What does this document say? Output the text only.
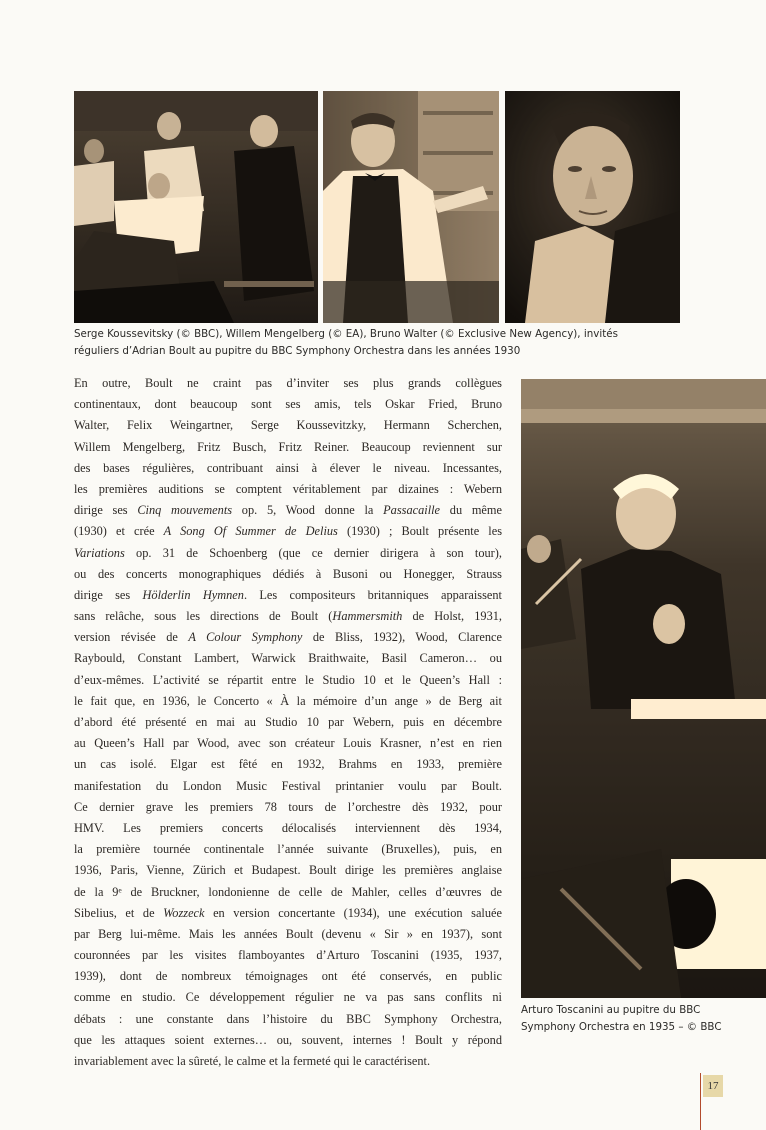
Serge Koussevitsky (© BBC), Willem Mengelberg (© EA), Bruno Walter (© Exclusive New Agency), invités
réguliers d’Adrian Boult au pupitre du BBC Symphony Orchestra dans les années 1930
En outre, Boult ne craint pas d’inviter ses plus grands collègues
continentaux, dont beaucoup sont ses amis, tels Oskar Fried, Bruno
Walter, Felix Weingartner, Serge Koussevitzky, Hermann Scherchen,
Willem Mengelberg, Fritz Busch, Fritz Reiner. Beaucoup reviennent sur
des bases régulières, contribuant ainsi à élever le niveau. Incessantes,
les premières auditions se comptent véritablement par dizaines : Webern
dirige ses Cinq mouvements op. 5, Wood donne la Passacaille du même
(1930) et crée A Song Of Summer de Delius (1930) ; Boult présente les
Variations op. 31 de Schoenberg (que ce dernier dirigera à son tour),
ou des concerts monographiques dédiés à Busoni ou Honegger, Strauss
dirige ses Hölderlin Hymnen. Les compositeurs britanniques apparaissent
sans relâche, sous les directions de Boult (Hammersmith de Holst, 1931,
version révisée de A Colour Symphony de Bliss, 1932), Wood, Clarence
Raybould, Constant Lambert, Warwick Braithwaite, Basil Cameron… ou
d’eux-mêmes. L’activité se répartit entre le Studio 10 et le Queen’s Hall :
le fait que, en 1936, le Concerto « À la mémoire d’un ange » de Berg ait
d’abord été présenté en mai au Studio 10 par Webern, puis en décembre
au Queen’s Hall par Wood, avec son créateur Louis Krasner, n’est en rien
un cas isolé. Elgar est fêté en 1932, Brahms en 1933, première
manifestation du London Music Festival printanier voulu par Boult.
Ce dernier grave les premiers 78 tours de l’orchestre dès 1932, pour
HMV. Les premiers concerts délocalisés interviennent dès 1934,
la première tournée continentale l’année suivante (Bruxelles), puis, en
1936, Paris, Vienne, Zürich et Budapest. Boult dirige les premières anglaise
de la 9ᵉ de Bruckner, londonienne de celle de Mahler, celles d’œuvres de
Sibelius, et de Wozzeck en version concertante (1934), une exécution saluée
par Berg lui-même. Mais les années Boult (devenu « Sir » en 1937), sont
couronnées par les visites flamboyantes d’Arturo Toscanini (1935, 1937,
1939), dont de nombreux témoignages ont été conservés, en public
comme en studio. Ce développement régulier ne va pas sans conflits ni
débats : une constante dans l’histoire du BBC Symphony Orchestra,
que les attaques soient externes… ou, souvent, internes ! Boult y répond
invariablement avec la sûreté, le calme et la fermeté qui le caractérisent.
Arturo Toscanini au pupitre du BBC
Symphony Orchestra en 1935 – © BBC
17
